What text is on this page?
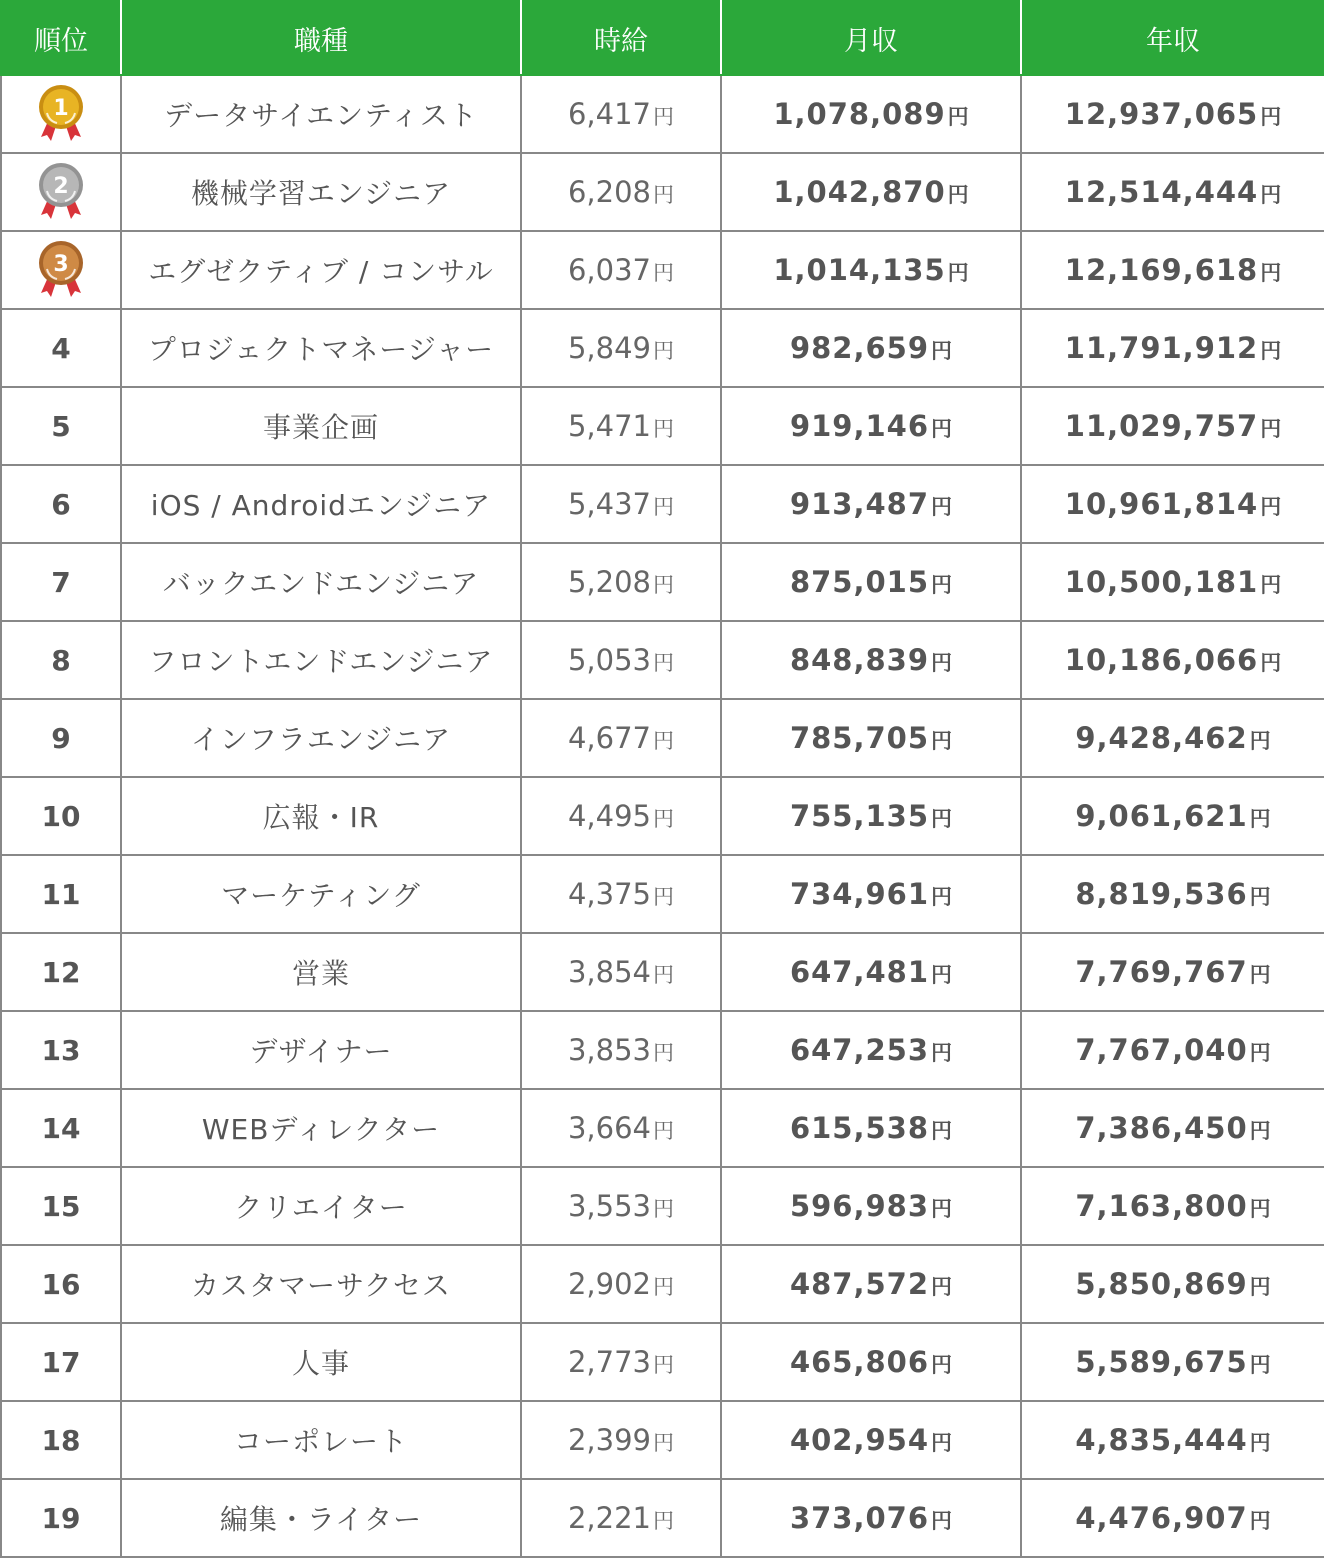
順位	職種	時給	月収	年収

1	データサイエンティスト	6,417円	1,078,089円	12,937,065円

2	機械学習エンジニア	6,208円	1,042,870円	12,514,444円

3	エグゼクティブ / コンサル	6,037円	1,014,135円	12,169,618円
4	プロジェクトマネージャー	5,849円	982,659円	11,791,912円
5	事業企画	5,471円	919,146円	11,029,757円
6	iOS / Androidエンジニア	5,437円	913,487円	10,961,814円
7	バックエンドエンジニア	5,208円	875,015円	10,500,181円
8	フロントエンドエンジニア	5,053円	848,839円	10,186,066円
9	インフラエンジニア	4,677円	785,705円	9,428,462円
10	広報・IR	4,495円	755,135円	9,061,621円
11	マーケティング	4,375円	734,961円	8,819,536円
12	営業	3,854円	647,481円	7,769,767円
13	デザイナー	3,853円	647,253円	7,767,040円
14	WEBディレクター	3,664円	615,538円	7,386,450円
15	クリエイター	3,553円	596,983円	7,163,800円
16	カスタマーサクセス	2,902円	487,572円	5,850,869円
17	人事	2,773円	465,806円	5,589,675円
18	コーポレート	2,399円	402,954円	4,835,444円
19	編集・ライター	2,221円	373,076円	4,476,907円
